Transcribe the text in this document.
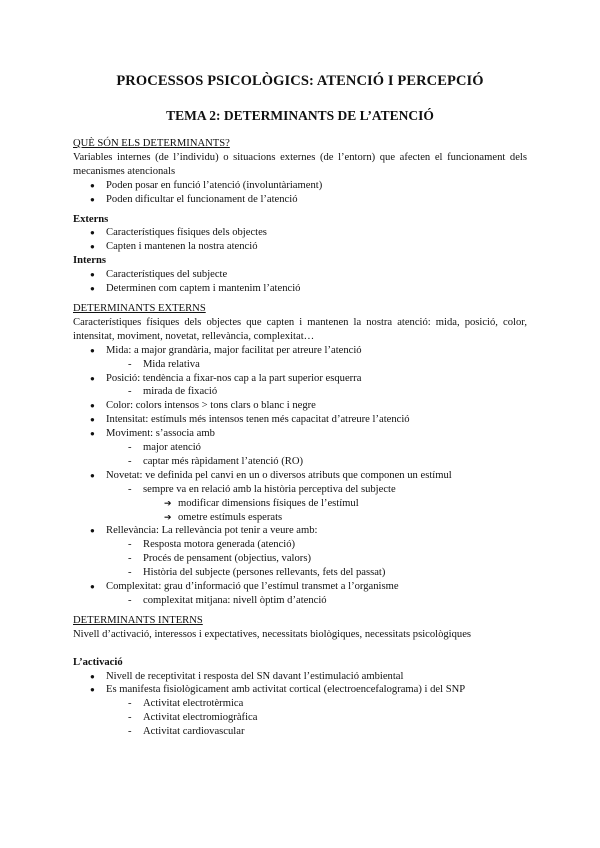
PROCESSOS PSICOLÒGICS: ATENCIÓ I PERCEPCIÓ
TEMA 2: DETERMINANTS DE L’ATENCIÓ
QUÈ SÓN ELS DETERMINANTS?
Variables internes (de l’individu) o situacions externes (de l’entorn) que afecten el funcionament dels mecanismes atencionals
● Poden posar en funció l’atenció (involuntàriament)
● Poden dificultar el funcionament de l’atenció
Externs
● Característiques físiques dels objectes
● Capten i mantenen la nostra atenció
Interns
● Característiques del subjecte
● Determinen com captem i mantenim l’atenció
DETERMINANTS EXTERNS
Característiques físiques dels objectes que capten i mantenen la nostra atenció: mida, posició, color, intensitat, moviment, novetat, rellevància, complexitat…
● Mida: a major grandària, major facilitat per atreure l’atenció
- Mida relativa
● Posició: tendència a fixar-nos cap a la part superior esquerra
- mirada de fixació
● Color: colors intensos > tons clars o blanc i negre
● Intensitat: estímuls més intensos tenen més capacitat d’atreure l’atenció
● Moviment: s’associa amb
- major atenció
- captar més ràpidament l’atenció (RO)
● Novetat: ve definida pel canvi en un o diversos atributs que componen un estímul
- sempre va en relació amb la història perceptiva del subjecte
➔ modificar dimensions físiques de l’estímul
➔ ometre estímuls esperats
● Rellevància: La rellevància pot tenir a veure amb:
- Resposta motora generada (atenció)
- Procés de pensament (objectius, valors)
- Història del subjecte (persones rellevants, fets del passat)
● Complexitat: grau d’informació que l’estímul transmet a l’organisme
- complexitat mitjana: nivell òptim d’atenció
DETERMINANTS INTERNS
Nivell d’activació, interessos i expectatives, necessitats biològiques, necessitats psicològiques
L’activació
● Nivell de receptivitat i resposta del SN davant l’estimulació ambiental
● Es manifesta fisiològicament amb activitat cortical (electroencefalograma) i del SNP
- Activitat electrotèrmica
- Activitat electromiogràfica
- Activitat cardiovascular
